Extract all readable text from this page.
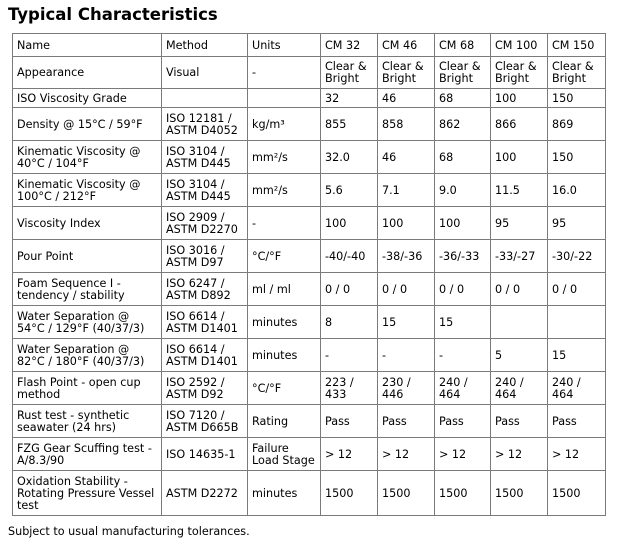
Typical Characteristics
Name	Method	Units	CM 32	CM 46	CM 68	CM 100	CM 150
Appearance	Visual	-	Clear & Bright	Clear & Bright	Clear & Bright	Clear & Bright	Clear & Bright
ISO Viscosity Grade			32	46	68	100	150
Density @ 15°C / 59°F	ISO 12181 / ASTM D4052	kg/m³	855	858	862	866	869
Kinematic Viscosity @ 40°C / 104°F	ISO 3104 / ASTM D445	mm²/s	32.0	46	68	100	150
Kinematic Viscosity @ 100°C / 212°F	ISO 3104 / ASTM D445	mm²/s	5.6	7.1	9.0	11.5	16.0
Viscosity Index	ISO 2909 / ASTM D2270	-	100	100	100	95	95
Pour Point	ISO 3016 / ASTM D97	°C/°F	-40/-40	-38/-36	-36/-33	-33/-27	-30/-22
Foam Sequence I - tendency / stability	ISO 6247 / ASTM D892	ml / ml	0 / 0	0 / 0	0 / 0	0 / 0	0 / 0
Water Separation @ 54°C / 129°F (40/37/3)	ISO 6614 / ASTM D1401	minutes	8	15	15		
Water Separation @ 82°C / 180°F (40/37/3)	ISO 6614 / ASTM D1401	minutes	-	-	-	5	15
Flash Point - open cup method	ISO 2592 / ASTM D92	°C/°F	223 / 433	230 / 446	240 / 464	240 / 464	240 / 464
Rust test - synthetic seawater (24 hrs)	ISO 7120 / ASTM D665B	Rating	Pass	Pass	Pass	Pass	Pass
FZG Gear Scuffing test - A/8.3/90	ISO 14635-1	Failure Load Stage	> 12	> 12	> 12	> 12	> 12
Oxidation Stability - Rotating Pressure Vessel test	ASTM D2272	minutes	1500	1500	1500	1500	1500
Subject to usual manufacturing tolerances.
